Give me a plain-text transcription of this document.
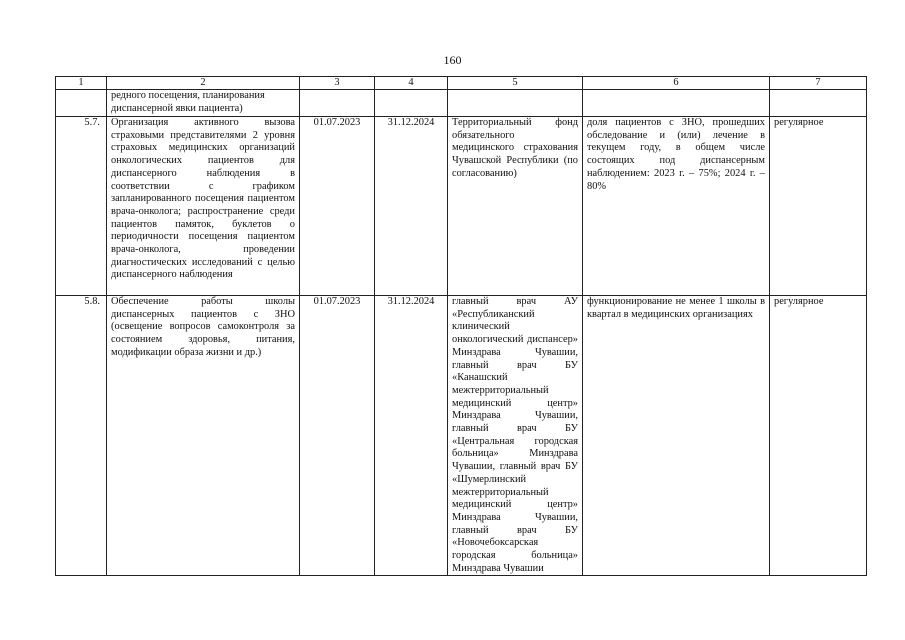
160
1	2	3	4	5	6	7

	редного посещения, планирования
диспансерной явки пациента)					

5.7.	Организация активного вызова страховыми представителями 2 уровня страховых медицинских организаций онкологических пациентов для диспансерного наблюдения в соответствии с графиком запланированного посещения пациентом врача-онколога; распространение среди пациентов памяток, буклетов о периодичности посещения пациентом врача-онколога, проведении диагностических исследований с целью диспансерного наблюдения	01.07.2023	31.12.2024	Территориальный фонд обязательного медицинского страхования Чувашской Республики (по согласованию)	доля пациентов с ЗНО, прошедших обследование и (или) лечение в текущем году, в общем числе состоящих под диспансерным наблюдением: 2023 г. – 75%; 2024 г. – 80%	регулярное
5.8.	Обеспечение работы школы диспансерных пациентов с ЗНО (освещение вопросов самоконтроля за состоянием здоровья, питания, модификации образа жизни и др.)	01.07.2023	31.12.2024	главный врач АУ «Республиканский клинический онкологический диспансер» Минздрава Чувашии, главный врач БУ «Канашский межтерриториальный медицинский центр» Минздрава Чувашии, главный врач БУ «Центральная городская больница» Минздрава Чувашии, главный врач БУ «Шумерлинский межтерриториальный медицинский центр» Минздрава Чувашии, главный врач БУ «Новочебоксарская городская больница» Минздрава Чувашии	функционирование не менее 1 школы в квартал в медицинских организациях	регулярное
